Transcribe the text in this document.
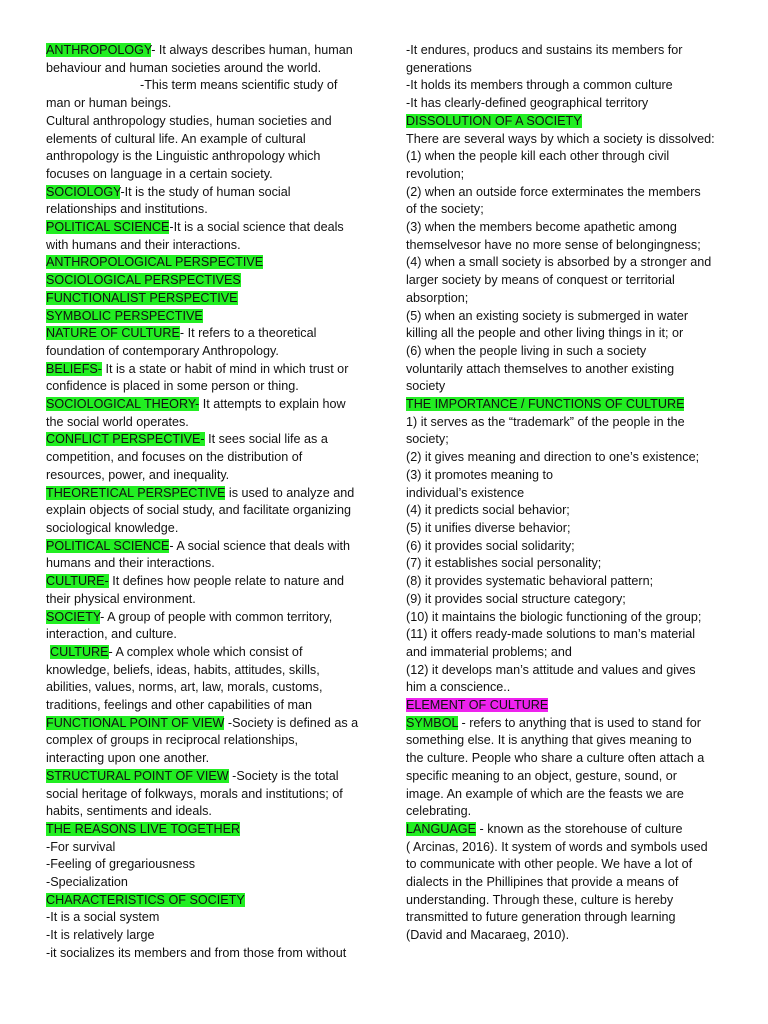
ANTHROPOLOGY- It always describes human, human
behaviour and human societies around the world.
-This term means scientific study of
man or human beings.
Cultural anthropology studies, human societies and
elements of cultural life. An example of cultural
anthropology is the Linguistic anthropology which
focuses on language in a certain society.
SOCIOLOGY-It is the study of human social
relationships and institutions.
POLITICAL SCIENCE-It is a social science that deals
with humans and their interactions.
ANTHROPOLOGICAL PERSPECTIVE
SOCIOLOGICAL PERSPECTIVES
FUNCTIONALIST PERSPECTIVE
SYMBOLIC PERSPECTIVE
NATURE OF CULTURE- It refers to a theoretical
foundation of contemporary Anthropology.
BELIEFS- It is a state or habit of mind in which trust or
confidence is placed in some person or thing.
SOCIOLOGICAL THEORY- It attempts to explain how
the social world operates.
CONFLICT PERSPECTIVE- It sees social life as a
competition, and focuses on the distribution of
resources, power, and inequality.
THEORETICAL PERSPECTIVE is used to analyze and
explain objects of social study, and facilitate organizing
sociological knowledge.
POLITICAL SCIENCE- A social science that deals with
humans and their interactions.
CULTURE- It defines how people relate to nature and
their physical environment.
SOCIETY- A group of people with common territory,
interaction, and culture.
CULTURE- A complex whole which consist of
knowledge, beliefs, ideas, habits, attitudes, skills,
abilities, values, norms, art, law, morals, customs,
traditions, feelings and other capabilities of man
FUNCTIONAL POINT OF VIEW -Society is defined as a
complex of groups in reciprocal relationships,
interacting upon one another.
STRUCTURAL POINT OF VIEW -Society is the total
social heritage of folkways, morals and institutions; of
habits, sentiments and ideals.
THE REASONS LIVE TOGETHER
-For survival
-Feeling of gregariousness
-Specialization
CHARACTERISTICS OF SOCIETY
-It is a social system
-It is relatively large
-it socializes its members and from those from without
-It endures, producs and sustains its members for
generations
-It holds its members through a common culture
-It has clearly-defined geographical territory
DISSOLUTION OF A SOCIETY
There are several ways by which a society is dissolved:
(1) when the people kill each other through civil
revolution;
(2) when an outside force exterminates the members
of the society;
(3) when the members become apathetic among
themselvesor have no more sense of belongingness;
(4) when a small society is absorbed by a stronger and
larger society by means of conquest or territorial
absorption;
(5) when an existing society is submerged in water
killing all the people and other living things in it; or
(6) when the people living in such a society
voluntarily attach themselves to another existing
society
THE IMPORTANCE / FUNCTIONS OF CULTURE
1) it serves as the “trademark” of the people in the
society;
(2) it gives meaning and direction to one’s existence;
(3) it promotes meaning to
individual’s existence
(4) it predicts social behavior;
(5) it unifies diverse behavior;
(6) it provides social solidarity;
(7) it establishes social personality;
(8) it provides systematic behavioral pattern;
(9) it provides social structure category;
(10) it maintains the biologic functioning of the group;
(11) it offers ready-made solutions to man’s material
and immaterial problems; and
(12) it develops man’s attitude and values and gives
him a conscience..
ELEMENT OF CULTURE
SYMBOL - refers to anything that is used to stand for
something else. It is anything that gives meaning to
the culture. People who share a culture often attach a
specific meaning to an object, gesture, sound, or
image. An example of which are the feasts we are
celebrating.
LANGUAGE - known as the storehouse of culture
( Arcinas, 2016). It system of words and symbols used
to communicate with other people. We have a lot of
dialects in the Phillipines that provide a means of
understanding. Through these, culture is hereby
transmitted to future generation through learning
(David and Macaraeg, 2010).
